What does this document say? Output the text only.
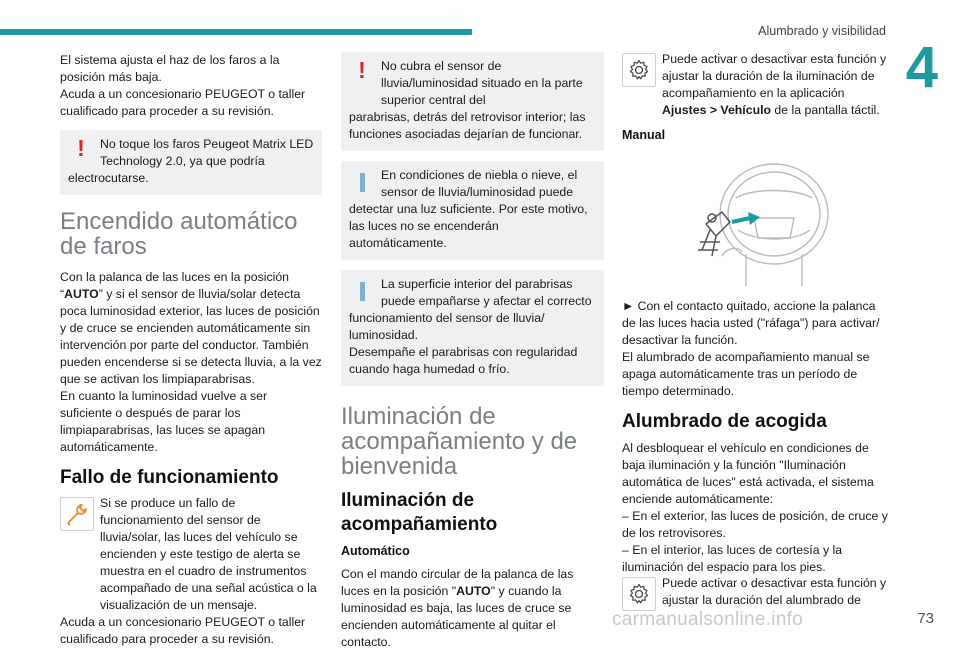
Alumbrado y visibilidad
4

El sistema ajusta el haz de los faros a la posición más baja.

Acuda a un concesionario PEUGEOT o taller cualificado para proceder a su revisión.

!	No toque los faros Peugeot Matrix LED Technology 2.0, ya que podría
electrocutarse.
Encendido automático de faros

Con la palanca de las luces en la posición “AUTO” y si el sensor de lluvia/solar detecta poca luminosidad exterior, las luces de posición y de cruce se encienden automáticamente sin intervención por parte del conductor. También pueden encenderse si se detecta lluvia, a la vez que se activan los limpiaparabrisas.

En cuanto la luminosidad vuelve a ser suficiente o después de parar los limpiaparabrisas, las luces se apagan automáticamente.

Fallo de funcionamiento

Si se produce un fallo de funcionamiento del sensor de lluvia/solar, las luces del vehículo se encienden y este testigo de alerta se muestra en el cuadro de instrumentos acompañado de una señal acústica o la visualización de un mensaje.

Acuda a un concesionario PEUGEOT o taller cualificado para proceder a su revisión.

!	No cubra el sensor de lluvia/luminosidad situado en la parte superior central del
parabrisas, detrás del retrovisor interior; las funciones asociadas dejarían de funcionar.
En condiciones de niebla o nieve, el sensor de lluvia/luminosidad puede
detectar una luz suficiente. Por este motivo, las luces no se encenderán automáticamente.
La superficie interior del parabrisas puede empañarse y afectar el correcto
funcionamiento del sensor de lluvia/ luminosidad.
Desempañe el parabrisas con regularidad cuando haga humedad o frío.
Iluminación de acompañamiento y de bienvenida
Iluminación de acompañamiento
Automático

Con el mando circular de la palanca de las luces en la posición "AUTO" y cuando la luminosidad es baja, las luces de cruce se encienden automáticamente al quitar el contacto.

Puede activar o desactivar esta función y ajustar la duración de la iluminación de acompañamiento en la aplicación Ajustes > Vehículo de la pantalla táctil.

Manual

► Con el contacto quitado, accione la palanca de las luces hacia usted ("ráfaga") para activar/ desactivar la función.

El alumbrado de acompañamiento manual se apaga automáticamente tras un período de tiempo determinado.

Alumbrado de acogida

Al desbloquear el vehículo en condiciones de baja iluminación y la función "Iluminación automática de luces" está activada, el sistema enciende automáticamente:

– En el exterior, las luces de posición, de cruce y de los retrovisores.

– En el interior, las luces de cortesía y la iluminación del espacio para los pies.

Puede activar o desactivar esta función y ajustar la duración del alumbrado de

carmanualsonline.info	73
